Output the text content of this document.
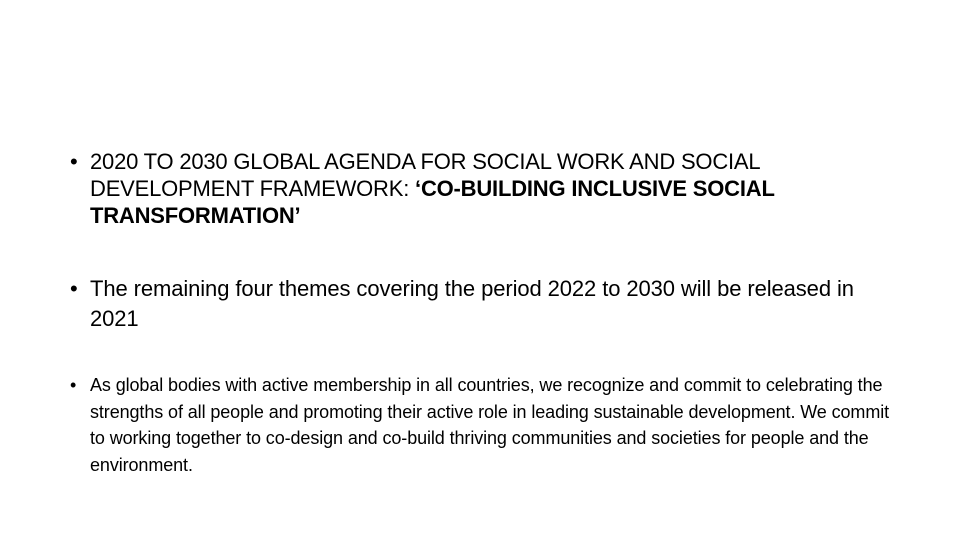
• 2020 TO 2030 GLOBAL AGENDA FOR SOCIAL WORK AND SOCIAL DEVELOPMENT FRAMEWORK: ‘CO-BUILDING INCLUSIVE SOCIAL TRANSFORMATION’
• The remaining four themes covering the period 2022 to 2030 will be released in 2021
• As global bodies with active membership in all countries, we recognize and commit to celebrating the strengths of all people and promoting their active role in leading sustainable development. We commit to working together to co-design and co-build thriving communities and societies for people and the environment.
